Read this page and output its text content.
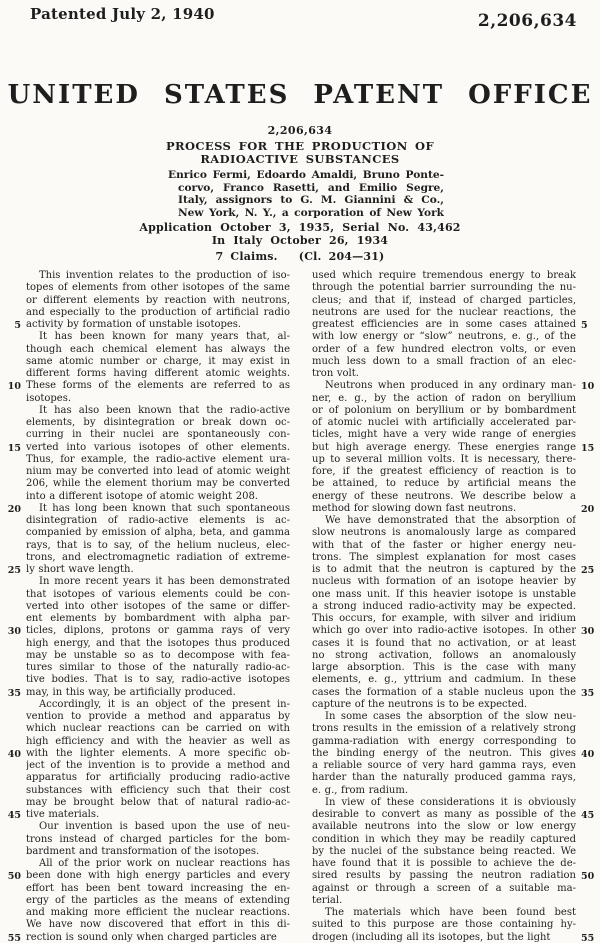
Patented July 2, 1940	2,206,634
UNITED STATES PATENT OFFICE
2,206,634
PROCESS FOR THE PRODUCTION OF
RADIOACTIVE SUBSTANCES
Enrico Fermi, Edoardo Amaldi, Bruno Ponte-
corvo, Franco Rasetti, and Emilio Segre,
Italy, assignors to G. M. Giannini & Co.,
New York, N. Y., a corporation of New York
Application October 3, 1935, Serial No. 43,462
In Italy October 26, 1934
7 Claims.   (Cl. 204—31)
5
10
15
20
25
30
35
40
45
50
55
This invention relates to the production of iso-
topes of elements from other isotopes of the same
or different elements by reaction with neutrons,
and especially to the production of artificial radio
activity by formation of unstable isotopes.
It has been known for many years that, al-
though each chemical element has always the
same atomic number or charge, it may exist in
different forms having different atomic weights.
These forms of the elements are referred to as
isotopes.
It has also been known that the radio-active
elements, by disintegration or break down oc-
curring in their nuclei are spontaneously con-
verted into various isotopes of other elements.
Thus, for example, the radio-active element ura-
nium may be converted into lead of atomic weight
206, while the element thorium may be converted
into a different isotope of atomic weight 208.
It has long been known that such spontaneous
disintegration of radio-active elements is ac-
companied by emission of alpha, beta, and gamma
rays, that is to say, of the helium nucleus, elec-
trons, and electromagnetic radiation of extreme-
ly short wave length.
In more recent years it has been demonstrated
that isotopes of various elements could be con-
verted into other isotopes of the same or differ-
ent elements by bombardment with alpha par-
ticles, diplons, protons or gamma rays of very
high energy, and that the isotopes thus produced
may be unstable so as to decompose with fea-
tures similar to those of the naturally radio-ac-
tive bodies. That is to say, radio-active isotopes
may, in this way, be artificially produced.
Accordingly, it is an object of the present in-
vention to provide a method and apparatus by
which nuclear reactions can be carried on with
high efficiency and with the heavier as well as
with the lighter elements. A more specific ob-
ject of the invention is to provide a method and
apparatus for artificially producing radio-active
substances with efficiency such that their cost
may be brought below that of natural radio-ac-
tive materials.
Our invention is based upon the use of neu-
trons instead of charged particles for the bom-
bardment and transformation of the isotopes.
All of the prior work on nuclear reactions has
been done with high energy particles and every
effort has been bent toward increasing the en-
ergy of the particles as the means of extending
and making more efficient the nuclear reactions.
We have now discovered that effort in this di-
rection is sound only when charged particles are
used which require tremendous energy to break
through the potential barrier surrounding the nu-
cleus; and that if, instead of charged particles,
neutrons are used for the nuclear reactions, the
greatest efficiencies are in some cases attained
with low energy or “slow” neutrons, e. g., of the
order of a few hundred electron volts, or even
much less down to a small fraction of an elec-
tron volt.
Neutrons when produced in any ordinary man-
ner, e. g., by the action of radon on beryllium
or of polonium on beryllium or by bombardment
of atomic nuclei with artificially accelerated par-
ticles, might have a very wide range of energies
but high average energy. These energies range
up to several million volts. It is necessary, there-
fore, if the greatest efficiency of reaction is to
be attained, to reduce by artificial means the
energy of these neutrons. We describe below a
method for slowing down fast neutrons.
We have demonstrated that the absorption of
slow neutrons is anomalously large as compared
with that of the faster or higher energy neu-
trons. The simplest explanation for most cases
is to admit that the neutron is captured by the
nucleus with formation of an isotope heavier by
one mass unit. If this heavier isotope is unstable
a strong induced radio-activity may be expected.
This occurs, for example, with silver and iridium
which go over into radio-active isotopes. In other
cases it is found that no activation, or at least
no strong activation, follows an anomalously
large absorption. This is the case with many
elements, e. g., yttrium and cadmium. In these
cases the formation of a stable nucleus upon the
capture of the neutrons is to be expected.
In some cases the absorption of the slow neu-
trons results in the emission of a relatively strong
gamma-radiation with energy corresponding to
the binding energy of the neutron. This gives
a reliable source of very hard gamma rays, even
harder than the naturally produced gamma rays,
e. g., from radium.
In view of these considerations it is obviously
desirable to convert as many as possible of the
available neutrons into the slow or low energy
condition in which they may be readily captured
by the nuclei of the substance being reacted. We
have found that it is possible to achieve the de-
sired results by passing the neutron radiation
against or through a screen of a suitable ma-
terial.
The materials which have been found best
suited to this purpose are those containing hy-
drogen (including all its isotopes, but the light
5
10
15
20
25
30
35
40
45
50
55
